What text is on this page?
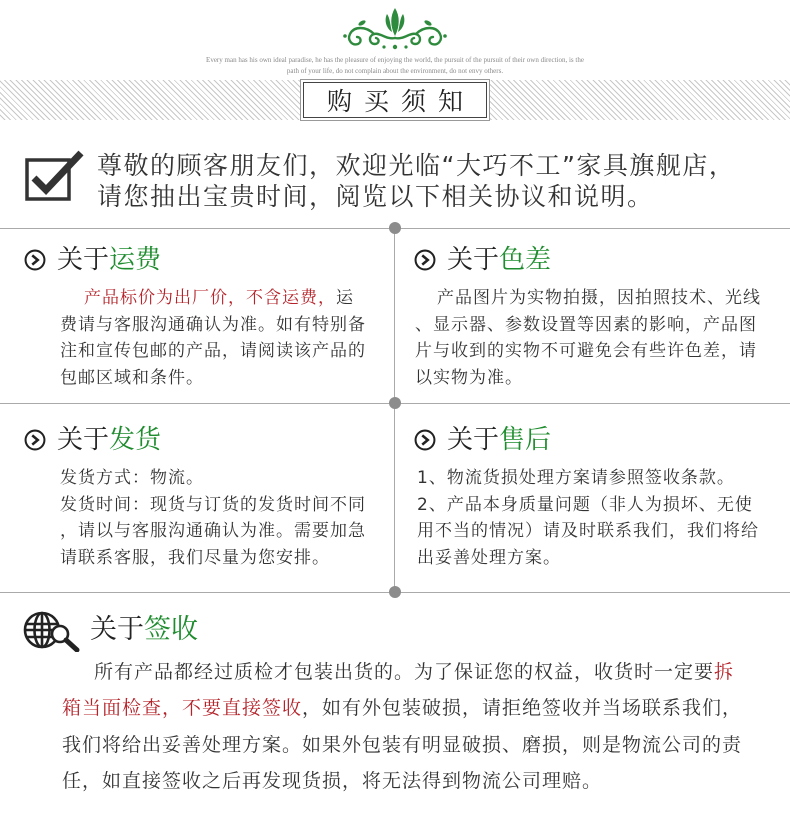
Every man has his own ideal paradise, he has the pleasure of enjoying the world, the pursuit of the pursuit of their own direction, is the
path of your life, do not complain about the environment, do not envy others.
购买须知
尊敬的顾客朋友们，欢迎光临“大巧不工”家具旗舰店，
请您抽出宝贵时间，阅览以下相关协议和说明。
关于 运费
产品标价为出厂价，不含运费，运
费请与客服沟通确认为准。如有特别备
注和宣传包邮的产品，请阅读该产品的
包邮区域和条件。
关于 色差
产品图片为实物拍摄，因拍照技术、光线
、显示器、参数设置等因素的影响，产品图
片与收到的实物不可避免会有些许色差，请
以实物为准。
关于 发货
发货方式：物流。
发货时间：现货与订货的发货时间不同
，请以与客服沟通确认为准。需要加急
请联系客服，我们尽量为您安排。
关于 售后
1、物流货损处理方案请参照签收条款。
2、产品本身质量问题（非人为损坏、无使
用不当的情况）请及时联系我们，我们将给
出妥善处理方案。
关于 签收
所有产品都经过质检才包装出货的。为了保证您的权益，收货时一定要拆
箱当面检查，不要直接签收，如有外包装破损，请拒绝签收并当场联系我们，
我们将给出妥善处理方案。如果外包装有明显破损、磨损，则是物流公司的责
任，如直接签收之后再发现货损，将无法得到物流公司理赔。
